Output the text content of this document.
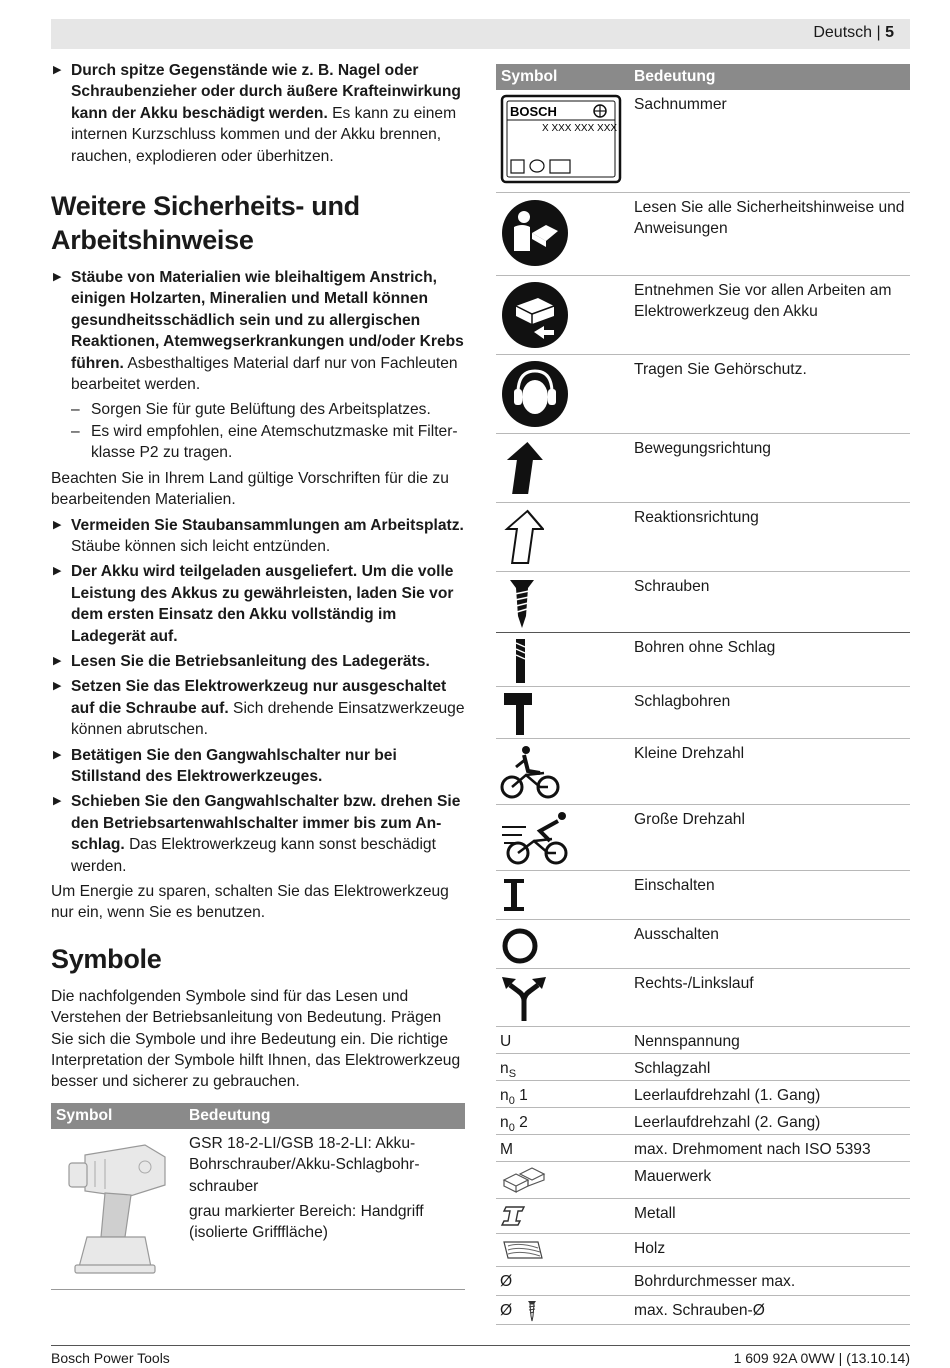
Deutsch | 5
▶ Durch spitze Gegenstände wie z. B. Nagel oder Schraubenzieher oder durch äußere Krafteinwirkung kann der Akku beschädigt werden. Es kann zu einem internen Kurzschluss kommen und der Akku brennen, rauchen, explodieren oder überhitzen.
Weitere Sicherheits- und Arbeitshinweise
▶ Stäube von Materialien wie bleihaltigem Anstrich, einigen Holzarten, Mineralien und Metall können gesundheitsschädlich sein und zu allergischen Reaktionen, Atemwegserkrankungen und/oder Krebs führen. Asbesthaltiges Material darf nur von Fachleuten bearbeitet werden.
– Sorgen Sie für gute Belüftung des Arbeitsplatzes.
– Es wird empfohlen, eine Atemschutzmaske mit Filterklasse P2 zu tragen.

Beachten Sie in Ihrem Land gültige Vorschriften für die zu bearbeitenden Materialien.

▶ Vermeiden Sie Staubansammlungen am Arbeitsplatz. Stäube können sich leicht entzünden.
▶ Der Akku wird teilgeladen ausgeliefert. Um die volle Leistung des Akkus zu gewährleisten, laden Sie vor dem ersten Einsatz den Akku vollständig im Ladegerät auf.
▶ Lesen Sie die Betriebsanleitung des Ladegeräts.
▶ Setzen Sie das Elektrowerkzeug nur ausgeschaltet auf die Schraube auf. Sich drehende Einsatzwerkzeuge können abrutschen.
▶ Betätigen Sie den Gangwahlschalter nur bei Stillstand des Elektrowerkzeuges.
▶ Schieben Sie den Gangwahlschalter bzw. drehen Sie den Betriebsartenwahlschalter immer bis zum Anschlag. Das Elektrowerkzeug kann sonst beschädigt werden.

Um Energie zu sparen, schalten Sie das Elektrowerkzeug nur ein, wenn Sie es benutzen.

Symbole

Die nachfolgenden Symbole sind für das Lesen und Verstehen der Betriebsanleitung von Bedeutung. Prägen Sie sich die Symbole und ihre Bedeutung ein. Die richtige Interpretation der Symbole hilft Ihnen, das Elektrowerkzeug besser und sicherer zu gebrauchen.

Symbol	Bedeutung
GSR 18-2-LI/GSB 18-2-LI: Akku-Bohrschrauber/Akku-Schlagbohrschrauber
grau markierter Bereich: Handgriff (isolierte Grifffläche)
Symbol	Bedeutung
BOSCH
X XXX XXX XXX
Sachnummer
Lesen Sie alle Sicherheitshinweise und Anweisungen
Entnehmen Sie vor allen Arbeiten am Elektrowerkzeug den Akku
Tragen Sie Gehörschutz.
Bewegungsrichtung
Reaktionsrichtung
Schrauben
Bohren ohne Schlag
Schlagbohren
Kleine Drehzahl
Große Drehzahl
Einschalten
Ausschalten
Rechts-/Linkslauf
U	Nennspannung
$n_S$	Schlagzahl
$n_0$ 1	Leerlaufdrehzahl (1. Gang)
$n_0$ 2	Leerlaufdrehzahl (2. Gang)
M	max. Drehmoment nach ISO 5393
Mauerwerk
Metall
Holz
Ø	Bohrdurchmesser max.
Ø	max. Schrauben-Ø
Bosch Power Tools	1 609 92A 0WW | (13.10.14)
